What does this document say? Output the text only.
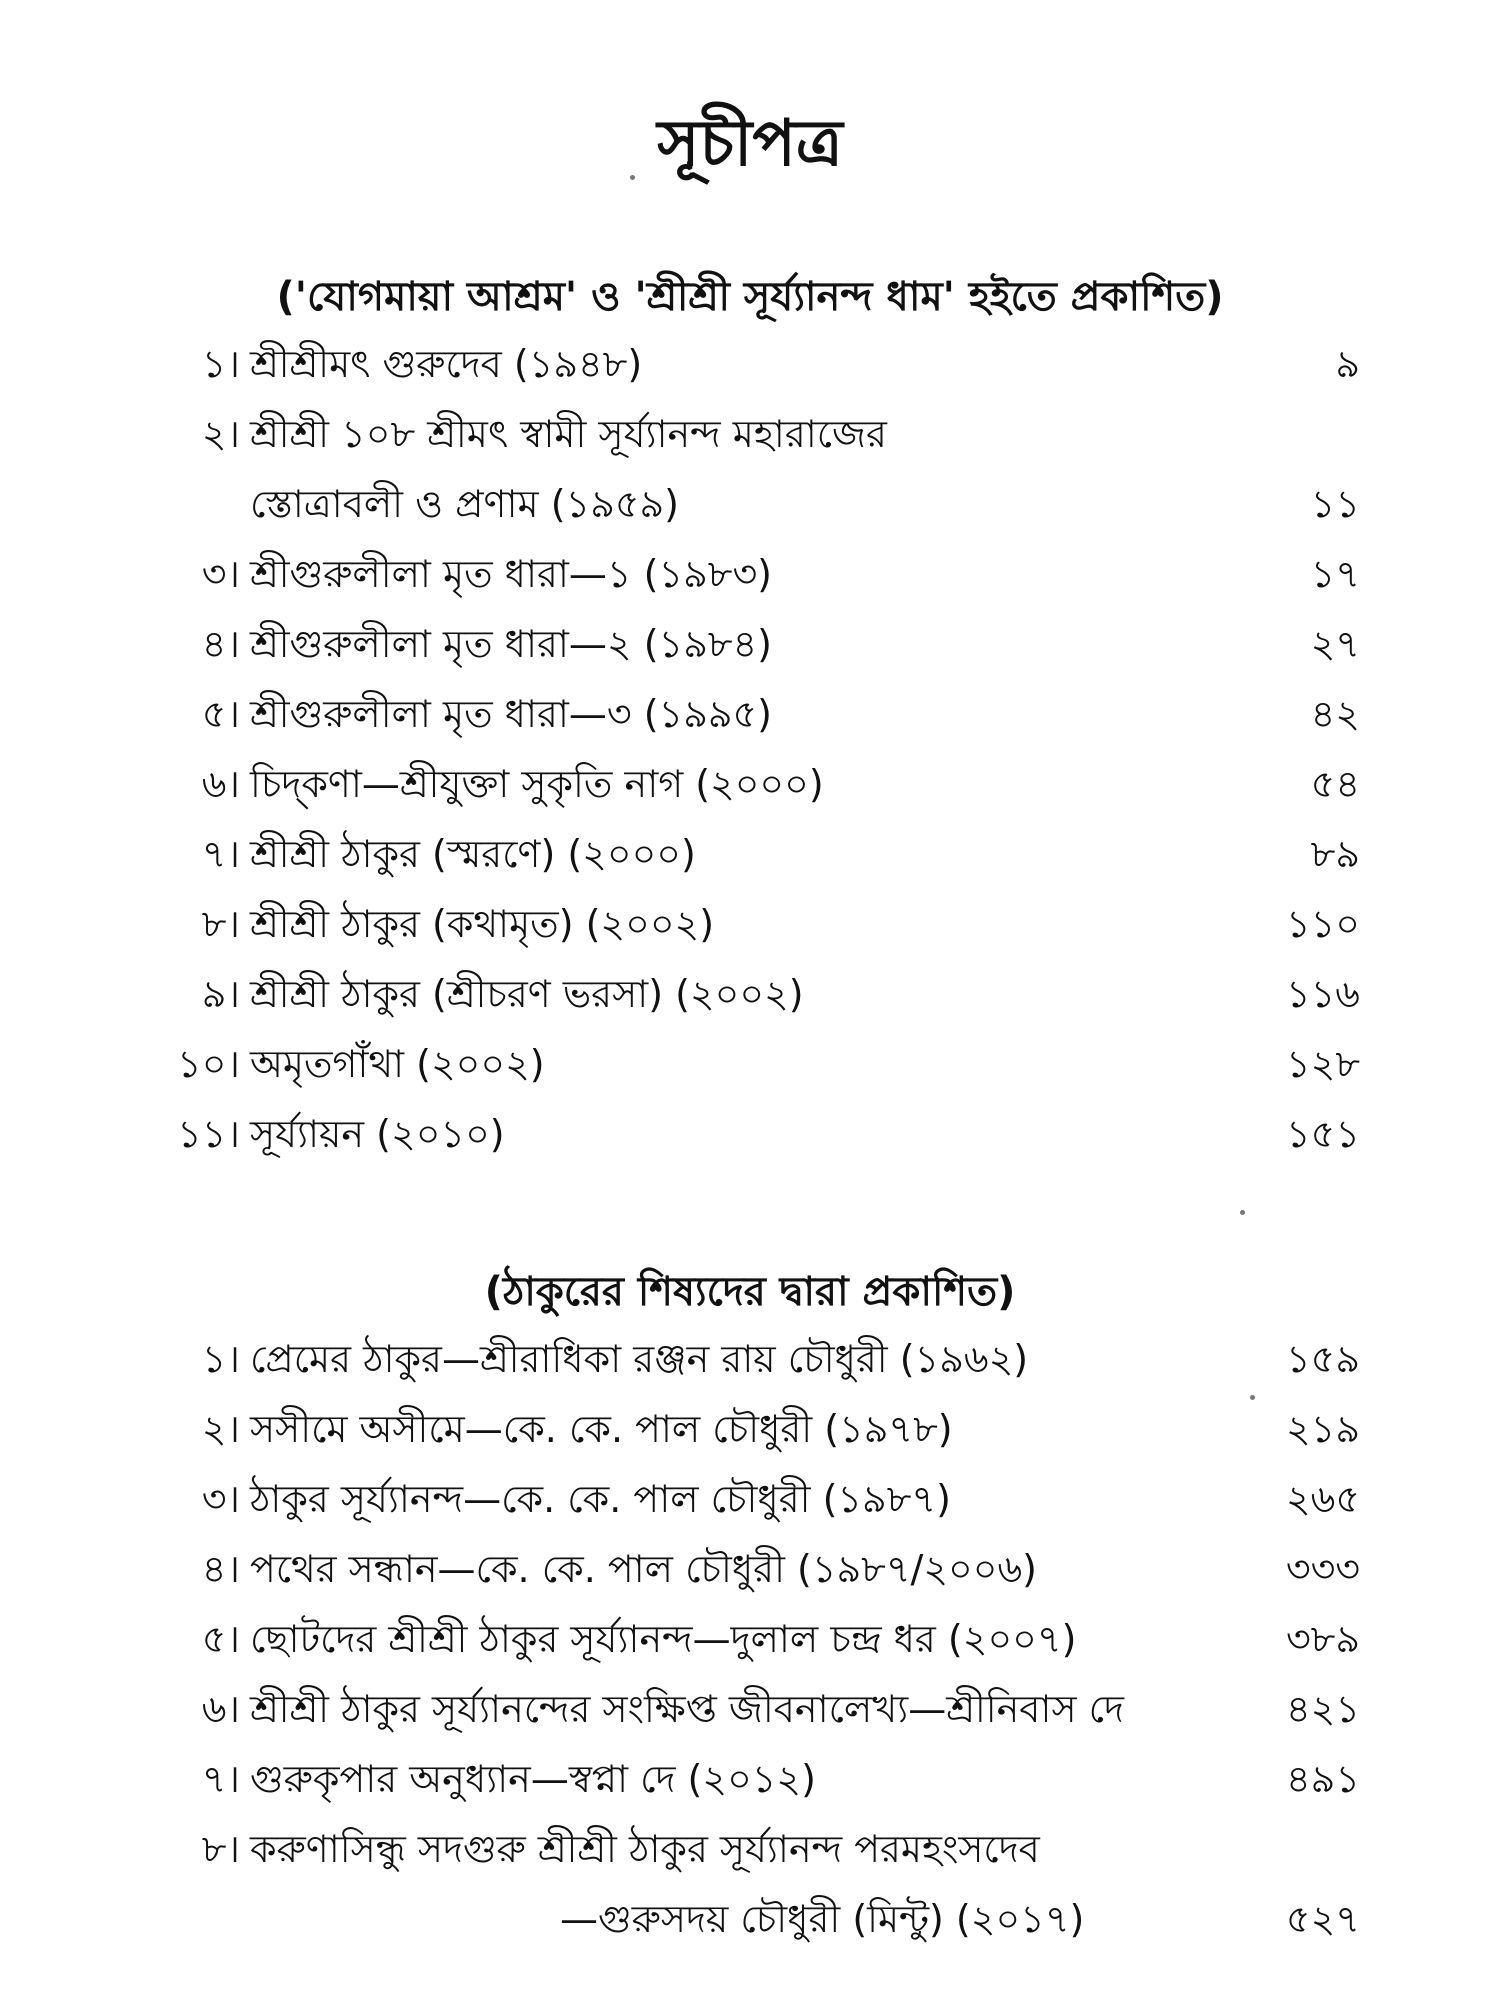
সূচীপত্র
('যোগমায়া আশ্রম' ও 'শ্রীশ্রী সূর্য্যানন্দ ধাম' হইতে প্রকাশিত)
১। শ্রীশ্রীমৎ গুরুদেব (১৯৪৮)	৯
২। শ্রীশ্রী ১০৮ শ্রীমৎ স্বামী সূর্য্যানন্দ মহারাজের
স্তোত্রাবলী ও প্রণাম (১৯৫৯)	১১
৩। শ্রীগুরুলীলা মৃত ধারা—১ (১৯৮৩)	১৭
৪। শ্রীগুরুলীলা মৃত ধারা—২ (১৯৮৪)	২৭
৫। শ্রীগুরুলীলা মৃত ধারা—৩ (১৯৯৫)	৪২
৬। চিদ্‌কণা—শ্রীযুক্তা সুকৃতি নাগ (২০০০)	৫৪
৭। শ্রীশ্রী ঠাকুর (স্মরণে) (২০০০)	৮৯
৮। শ্রীশ্রী ঠাকুর (কথামৃত) (২০০২)	১১০
৯। শ্রীশ্রী ঠাকুর (শ্রীচরণ ভরসা) (২০০২)	১১৬
১০। অমৃতগাঁথা (২০০২)	১২৮
১১। সূর্য্যায়ন (২০১০)	১৫১
(ঠাকুরের শিষ্যদের দ্বারা প্রকাশিত)
১। প্রেমের ঠাকুর—শ্রীরাধিকা রঞ্জন রায় চৌধুরী (১৯৬২)	১৫৯
২। সসীমে অসীমে—কে. কে. পাল চৌধুরী (১৯৭৮)	২১৯
৩। ঠাকুর সূর্য্যানন্দ—কে. কে. পাল চৌধুরী (১৯৮৭)	২৬৫
৪। পথের সন্ধান—কে. কে. পাল চৌধুরী (১৯৮৭/২০০৬)	৩৩৩
৫। ছোটদের শ্রীশ্রী ঠাকুর সূর্য্যানন্দ—দুলাল চন্দ্র ধর (২০০৭)	৩৮৯
৬। শ্রীশ্রী ঠাকুর সূর্য্যানন্দের সংক্ষিপ্ত জীবনালেখ্য—শ্রীনিবাস দে	৪২১
৭। গুরুকৃপার অনুধ্যান—স্বপ্না দে (২০১২)	৪৯১
৮। করুণাসিন্ধু সদগুরু শ্রীশ্রী ঠাকুর সূর্য্যানন্দ পরমহংসদেব
—গুরুসদয় চৌধুরী (মিন্টু) (২০১৭)	৫২৭
